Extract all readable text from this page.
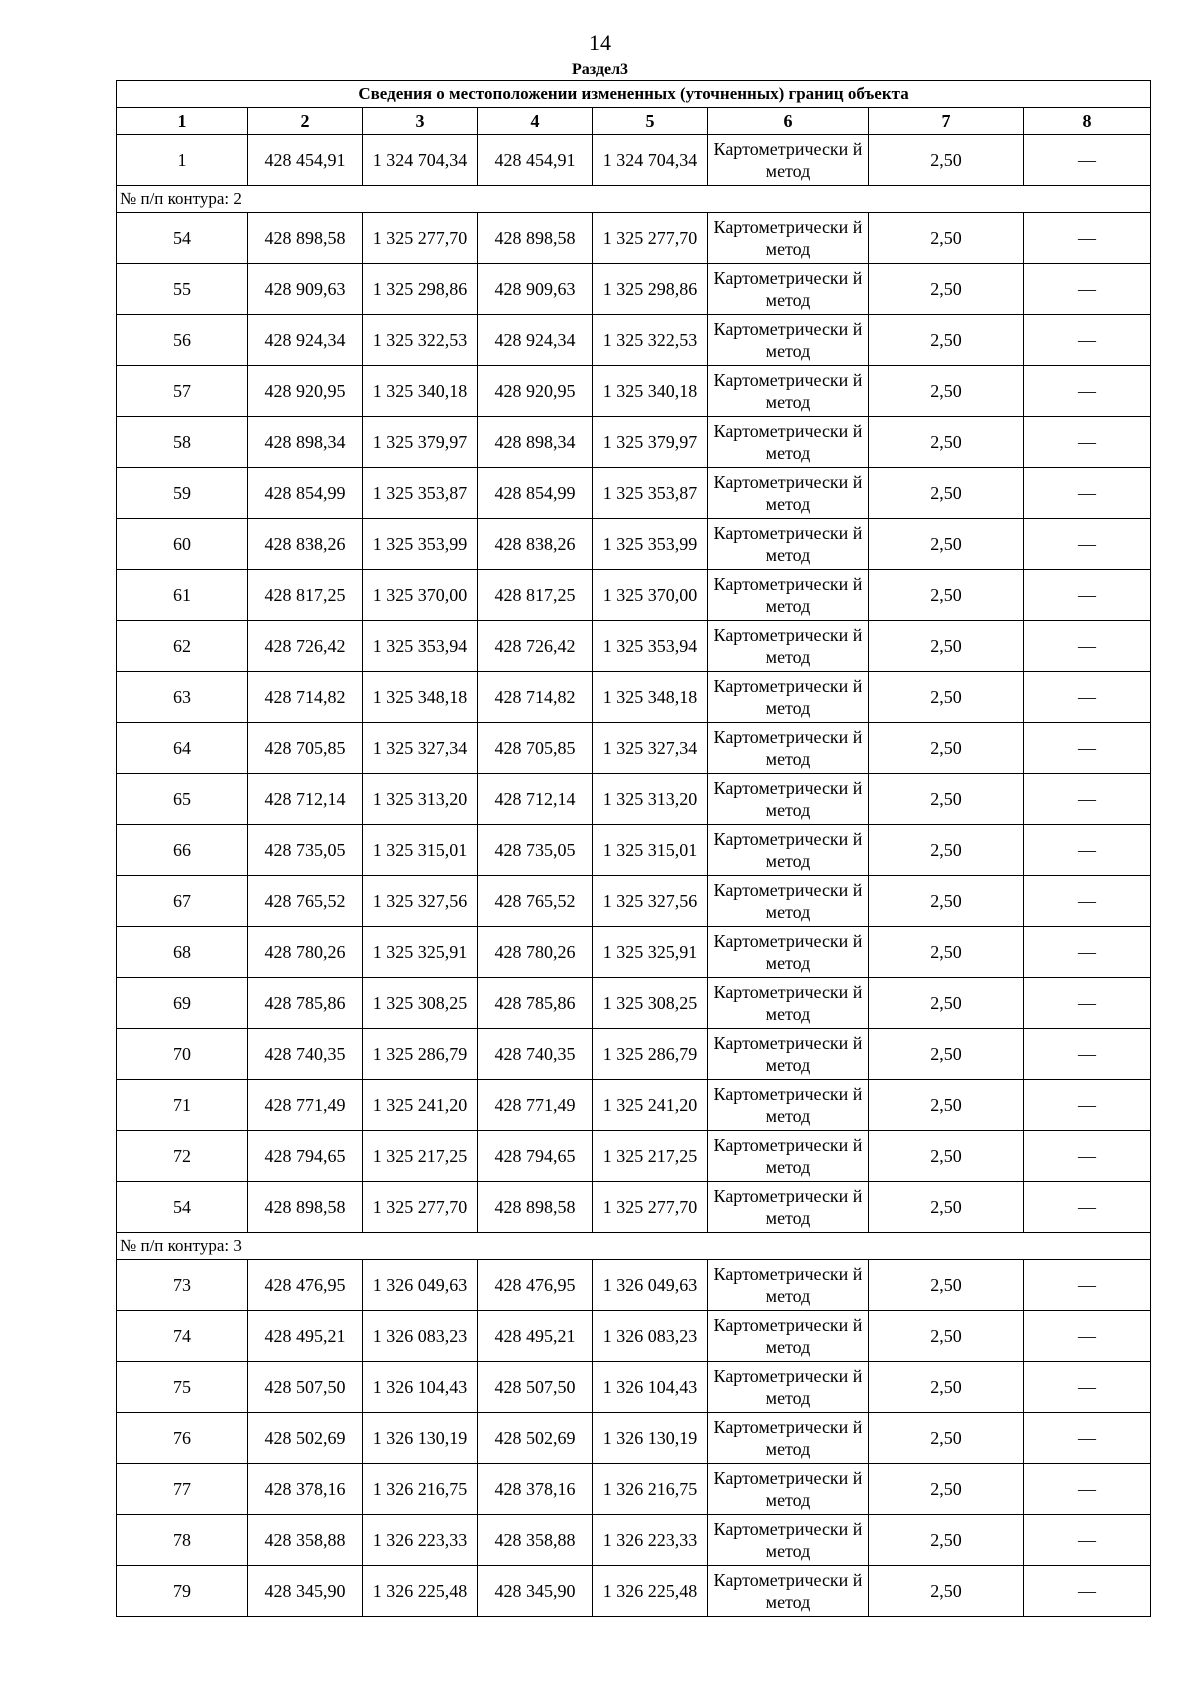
14
Раздел3
Сведения о местоположении измененных (уточненных) границ объекта							
1	2	3	4	5	6	7	8
1	428 454,91	1 324 704,34	428 454,91	1 324 704,34	Картометрически й метод	2,50	—
№ п/п контура: 2							
54	428 898,58	1 325 277,70	428 898,58	1 325 277,70	Картометрически й метод	2,50	—
55	428 909,63	1 325 298,86	428 909,63	1 325 298,86	Картометрически й метод	2,50	—
56	428 924,34	1 325 322,53	428 924,34	1 325 322,53	Картометрически й метод	2,50	—
57	428 920,95	1 325 340,18	428 920,95	1 325 340,18	Картометрически й метод	2,50	—
58	428 898,34	1 325 379,97	428 898,34	1 325 379,97	Картометрически й метод	2,50	—
59	428 854,99	1 325 353,87	428 854,99	1 325 353,87	Картометрически й метод	2,50	—
60	428 838,26	1 325 353,99	428 838,26	1 325 353,99	Картометрически й метод	2,50	—
61	428 817,25	1 325 370,00	428 817,25	1 325 370,00	Картометрически й метод	2,50	—
62	428 726,42	1 325 353,94	428 726,42	1 325 353,94	Картометрически й метод	2,50	—
63	428 714,82	1 325 348,18	428 714,82	1 325 348,18	Картометрически й метод	2,50	—
64	428 705,85	1 325 327,34	428 705,85	1 325 327,34	Картометрически й метод	2,50	—
65	428 712,14	1 325 313,20	428 712,14	1 325 313,20	Картометрически й метод	2,50	—
66	428 735,05	1 325 315,01	428 735,05	1 325 315,01	Картометрически й метод	2,50	—
67	428 765,52	1 325 327,56	428 765,52	1 325 327,56	Картометрически й метод	2,50	—
68	428 780,26	1 325 325,91	428 780,26	1 325 325,91	Картометрически й метод	2,50	—
69	428 785,86	1 325 308,25	428 785,86	1 325 308,25	Картометрически й метод	2,50	—
70	428 740,35	1 325 286,79	428 740,35	1 325 286,79	Картометрически й метод	2,50	—
71	428 771,49	1 325 241,20	428 771,49	1 325 241,20	Картометрически й метод	2,50	—
72	428 794,65	1 325 217,25	428 794,65	1 325 217,25	Картометрически й метод	2,50	—
54	428 898,58	1 325 277,70	428 898,58	1 325 277,70	Картометрически й метод	2,50	—
№ п/п контура: 3							
73	428 476,95	1 326 049,63	428 476,95	1 326 049,63	Картометрически й метод	2,50	—
74	428 495,21	1 326 083,23	428 495,21	1 326 083,23	Картометрически й метод	2,50	—
75	428 507,50	1 326 104,43	428 507,50	1 326 104,43	Картометрически й метод	2,50	—
76	428 502,69	1 326 130,19	428 502,69	1 326 130,19	Картометрически й метод	2,50	—
77	428 378,16	1 326 216,75	428 378,16	1 326 216,75	Картометрически й метод	2,50	—
78	428 358,88	1 326 223,33	428 358,88	1 326 223,33	Картометрически й метод	2,50	—
79	428 345,90	1 326 225,48	428 345,90	1 326 225,48	Картометрически й метод	2,50	—
